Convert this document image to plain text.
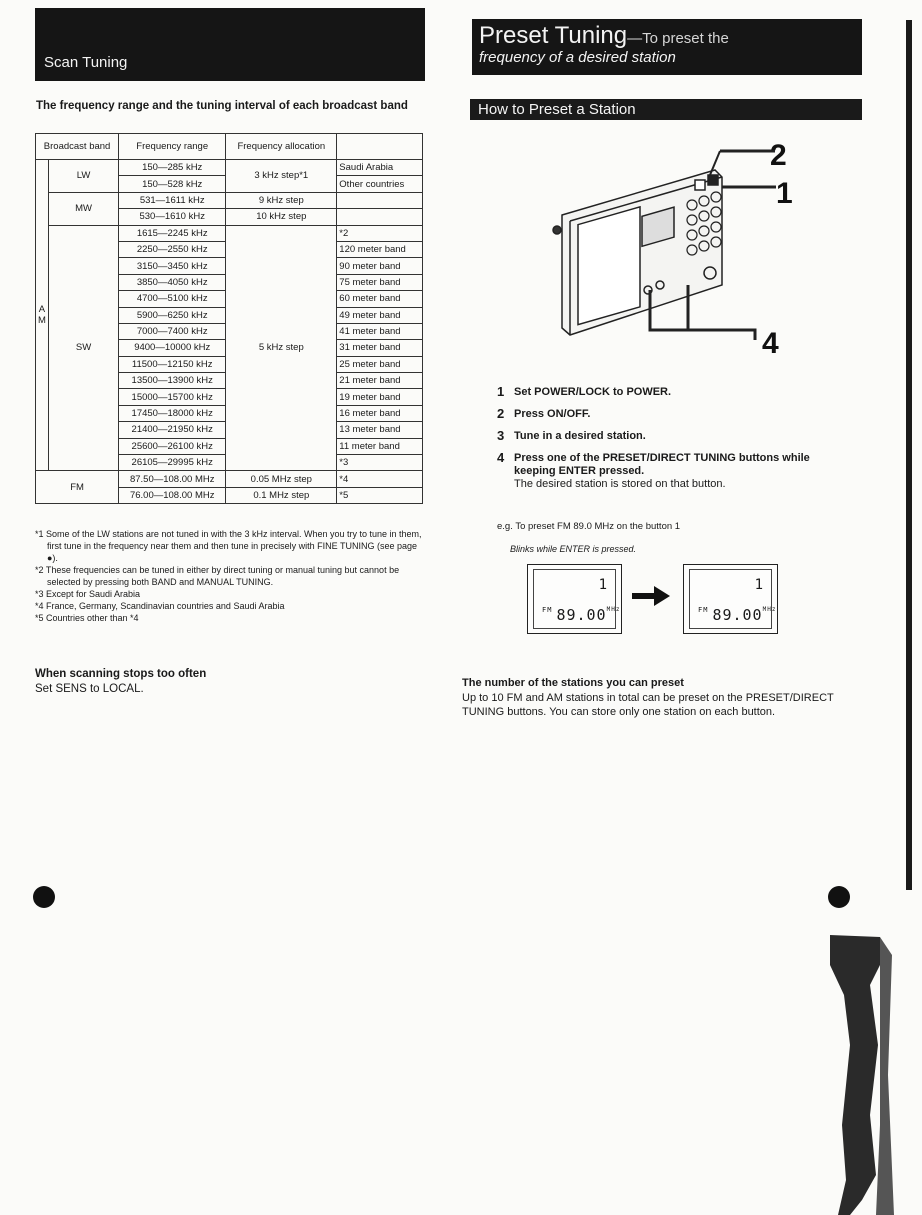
Scan Tuning
Preset Tuning—To preset the
frequency of a desired station
The frequency range and the tuning interval of each broadcast band
Broadcast band		Frequency range	Frequency allocation	
A
M	LW	150—285 kHz	3 kHz step*1	Saudi Arabia
		150—528 kHz		Other countries
	MW	531—1611 kHz	9 kHz step	
		530—1610 kHz	10 kHz step	
	SW	1615—2245 kHz	5 kHz step	*2
		2250—2550 kHz		120 meter band
		3150—3450 kHz		90 meter band
		3850—4050 kHz		75 meter band
		4700—5100 kHz		60 meter band
		5900—6250 kHz		49 meter band
		7000—7400 kHz		41 meter band
		9400—10000 kHz		31 meter band
		11500—12150 kHz		25 meter band
		13500—13900 kHz		21 meter band
		15000—15700 kHz		19 meter band
		17450—18000 kHz		16 meter band
		21400—21950 kHz		13 meter band
		25600—26100 kHz		11 meter band
		26105—29995 kHz		*3
FM		87.50—108.00 MHz	0.05 MHz step	*4
		76.00—108.00 MHz	0.1 MHz step	*5

*1 Some of the LW stations are not tuned in with the 3 kHz interval. When you try to tune in them, first tune in the frequency near them and then tune in precisely with FINE TUNING (see page ●).

*2 These frequencies can be tuned in either by direct tuning or manual tuning but cannot be selected by pressing both BAND and MANUAL TUNING.

*3 Except for Saudi Arabia

*4 France, Germany, Scandinavian countries and Saudi Arabia

*5 Countries other than *4

When scanning stops too often
Set SENS to LOCAL.
How to Preset a Station
2
1
4
1 Set POWER/LOCK to POWER.
2 Press ON/OFF.
3 Tune in a desired station.
4 Press one of the PRESET/DIRECT TUNING buttons while keeping ENTER pressed.
The desired station is stored on that button.
e.g. To preset FM 89.0 MHz on the button 1
Blinks while ENTER is pressed.
1
$^{FM}$ $89.00^{MHz}$
1
$^{FM}$ $89.00^{MHz}$
The number of the stations you can preset
Up to 10 FM and AM stations in total can be preset on the PRESET/DIRECT TUNING buttons. You can store only one station on each button.
